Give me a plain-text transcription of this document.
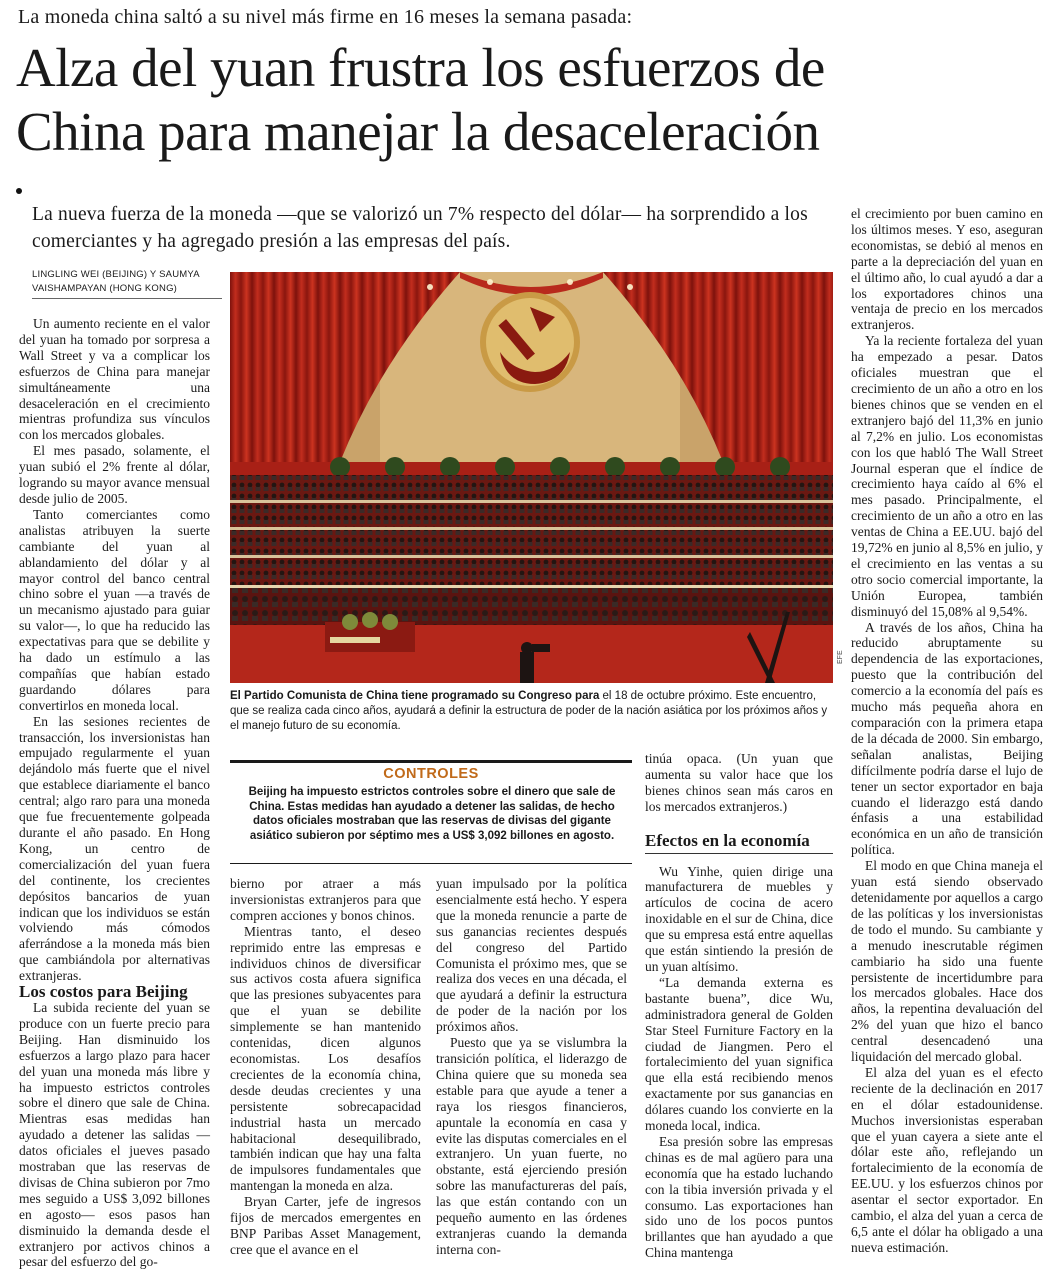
La moneda china saltó a su nivel más firme en 16 meses la semana pasada:
Alza del yuan frustra los esfuerzos de
China para manejar la desaceleración
La nueva fuerza de la moneda —que se valorizó un 7% respecto del dólar— ha sorprendido a los comerciantes y ha agregado presión a las empresas del país.
LINGLING WEI (BEIJING) Y SAUMYA VAISHAMPAYAN (HONG KONG)
EFE
El Partido Comunista de China tiene programado su Congreso para el 18 de octubre próximo. Este encuentro, que se realiza cada cinco años, ayudará a definir la estructura de poder de la nación asiática por los próximos años y el manejo futuro de su economía.
CONTROLES
Beijing ha impuesto estrictos controles sobre el dinero que sale de China. Estas medidas han ayudado a detener las salidas, de hecho datos oficiales mostraban que las reservas de divisas del gigante asiático subieron por séptimo mes a US$ 3,092 billones en agosto.

Un aumento reciente en el valor del yuan ha tomado por sorpresa a Wall Street y va a complicar los esfuerzos de China para manejar simultáneamente una desaceleración en el crecimiento mientras profundiza sus vínculos con los mercados globales.

El mes pasado, solamente, el yuan subió el 2% frente al dólar, logrando su mayor avance mensual desde julio de 2005.

Tanto comerciantes como analistas atribuyen la suerte cambiante del yuan al ablandamiento del dólar y al mayor control del banco central chino sobre el yuan —a través de un mecanismo ajustado para guiar su valor—, lo que ha reducido las expectativas para que se debilite y ha dado un estímulo a las compañías que habían estado guardando dólares para convertirlos en moneda local.

En las sesiones recientes de transacción, los inversionistas han empujado regularmente el yuan dejándolo más fuerte que el nivel que establece diariamente el banco central; algo raro para una moneda que fue frecuentemente golpeada durante el año pasado. En Hong Kong, un centro de comercialización del yuan fuera del continente, los crecientes depósitos bancarios de yuan indican que los individuos se están volviendo más cómodos aferrándose a la moneda más bien que cambiándola por alternativas extranjeras.

Los costos para Beijing

La subida reciente del yuan se produce con un fuerte precio para Beijing. Han disminuido los esfuerzos a largo plazo para hacer del yuan una moneda más libre y ha impuesto estrictos controles sobre el dinero que sale de China. Mientras esas medidas han ayudado a detener las salidas —datos oficiales el jueves pasado mostraban que las reservas de divisas de China subieron por 7mo mes seguido a US$ 3,092 billones en agosto— esos pasos han disminuido la demanda desde el extranjero por activos chinos a pesar del esfuerzo del go-

bierno por atraer a más inversionistas extranjeros para que compren acciones y bonos chinos.

Mientras tanto, el deseo reprimido entre las empresas e individuos chinos de diversificar sus activos costa afuera significa que las presiones subyacentes para que el yuan se debilite simplemente se han mantenido contenidas, dicen algunos economistas. Los desafíos crecientes de la economía china, desde deudas crecientes y una persistente sobrecapacidad industrial hasta un mercado habitacional desequilibrado, también indican que hay una falta de impulsores fundamentales que mantengan la moneda en alza.

Bryan Carter, jefe de ingresos fijos de mercados emergentes en BNP Paribas Asset Management, cree que el avance en el

yuan impulsado por la política esencialmente está hecho. Y espera que la moneda renuncie a parte de sus ganancias recientes después del congreso del Partido Comunista el próximo mes, que se realiza dos veces en una década, el que ayudará a definir la estructura de poder de la nación por los próximos años.

Puesto que ya se vislumbra la transición política, el liderazgo de China quiere que su moneda sea estable para que ayude a tener a raya los riesgos financieros, apuntale la economía en casa y evite las disputas comerciales en el extranjero. Un yuan fuerte, no obstante, está ejerciendo presión sobre las manufactureras del país, las que están contando con un pequeño aumento en las órdenes extranjeras cuando la demanda interna con-

tinúa opaca. (Un yuan que aumenta su valor hace que los bienes chinos sean más caros en los mercados extranjeros.)

Efectos en la economía

Wu Yinhe, quien dirige una manufacturera de muebles y artículos de cocina de acero inoxidable en el sur de China, dice que su empresa está entre aquellas que están sintiendo la presión de un yuan altísimo.

“La demanda externa es bastante buena”, dice Wu, administradora general de Golden Star Steel Furniture Factory en la ciudad de Jiangmen. Pero el fortalecimiento del yuan significa que ella está recibiendo menos exactamente por sus ganancias en dólares cuando los convierte en la moneda local, indica.

Esa presión sobre las empresas chinas es de mal agüero para una economía que ha estado luchando con la tibia inversión privada y el consumo. Las exportaciones han sido uno de los pocos puntos brillantes que han ayudado a que China mantenga

el crecimiento por buen camino en los últimos meses. Y eso, aseguran economistas, se debió al menos en parte a la depreciación del yuan en el último año, lo cual ayudó a dar a los exportadores chinos una ventaja de precio en los mercados extranjeros.

Ya la reciente fortaleza del yuan ha empezado a pesar. Datos oficiales muestran que el crecimiento de un año a otro en los bienes chinos que se venden en el extranjero bajó del 11,3% en junio al 7,2% en julio. Los economistas con los que habló The Wall Street Journal esperan que el índice de crecimiento haya caído al 6% el mes pasado. Principalmente, el crecimiento de un año a otro en las ventas de China a EE.UU. bajó del 19,72% en junio al 8,5% en julio, y el crecimiento en las ventas a su otro socio comercial importante, la Unión Europea, también disminuyó del 15,08% al 9,54%.

A través de los años, China ha reducido abruptamente su dependencia de las exportaciones, puesto que la contribución del comercio a la economía del país es mucho más pequeña ahora en comparación con la primera etapa de la década de 2000. Sin embargo, señalan analistas, Beijing difícilmente podría darse el lujo de tener un sector exportador en baja cuando el liderazgo está dando énfasis a una estabilidad económica en un año de transición política.

El modo en que China maneja el yuan está siendo observado detenidamente por aquellos a cargo de las políticas y los inversionistas de todo el mundo. Su cambiante y a menudo inescrutable régimen cambiario ha sido una fuente persistente de incertidumbre para los mercados globales. Hace dos años, la repentina devaluación del 2% del yuan que hizo el banco central desencadenó una liquidación del mercado global.

El alza del yuan es el efecto reciente de la declinación en 2017 en el dólar estadounidense. Muchos inversionistas esperaban que el yuan cayera a siete ante el dólar este año, reflejando un fortalecimiento de la economía de EE.UU. y los esfuerzos chinos por asentar el sector exportador. En cambio, el alza del yuan a cerca de 6,5 ante el dólar ha obligado a una nueva estimación.
